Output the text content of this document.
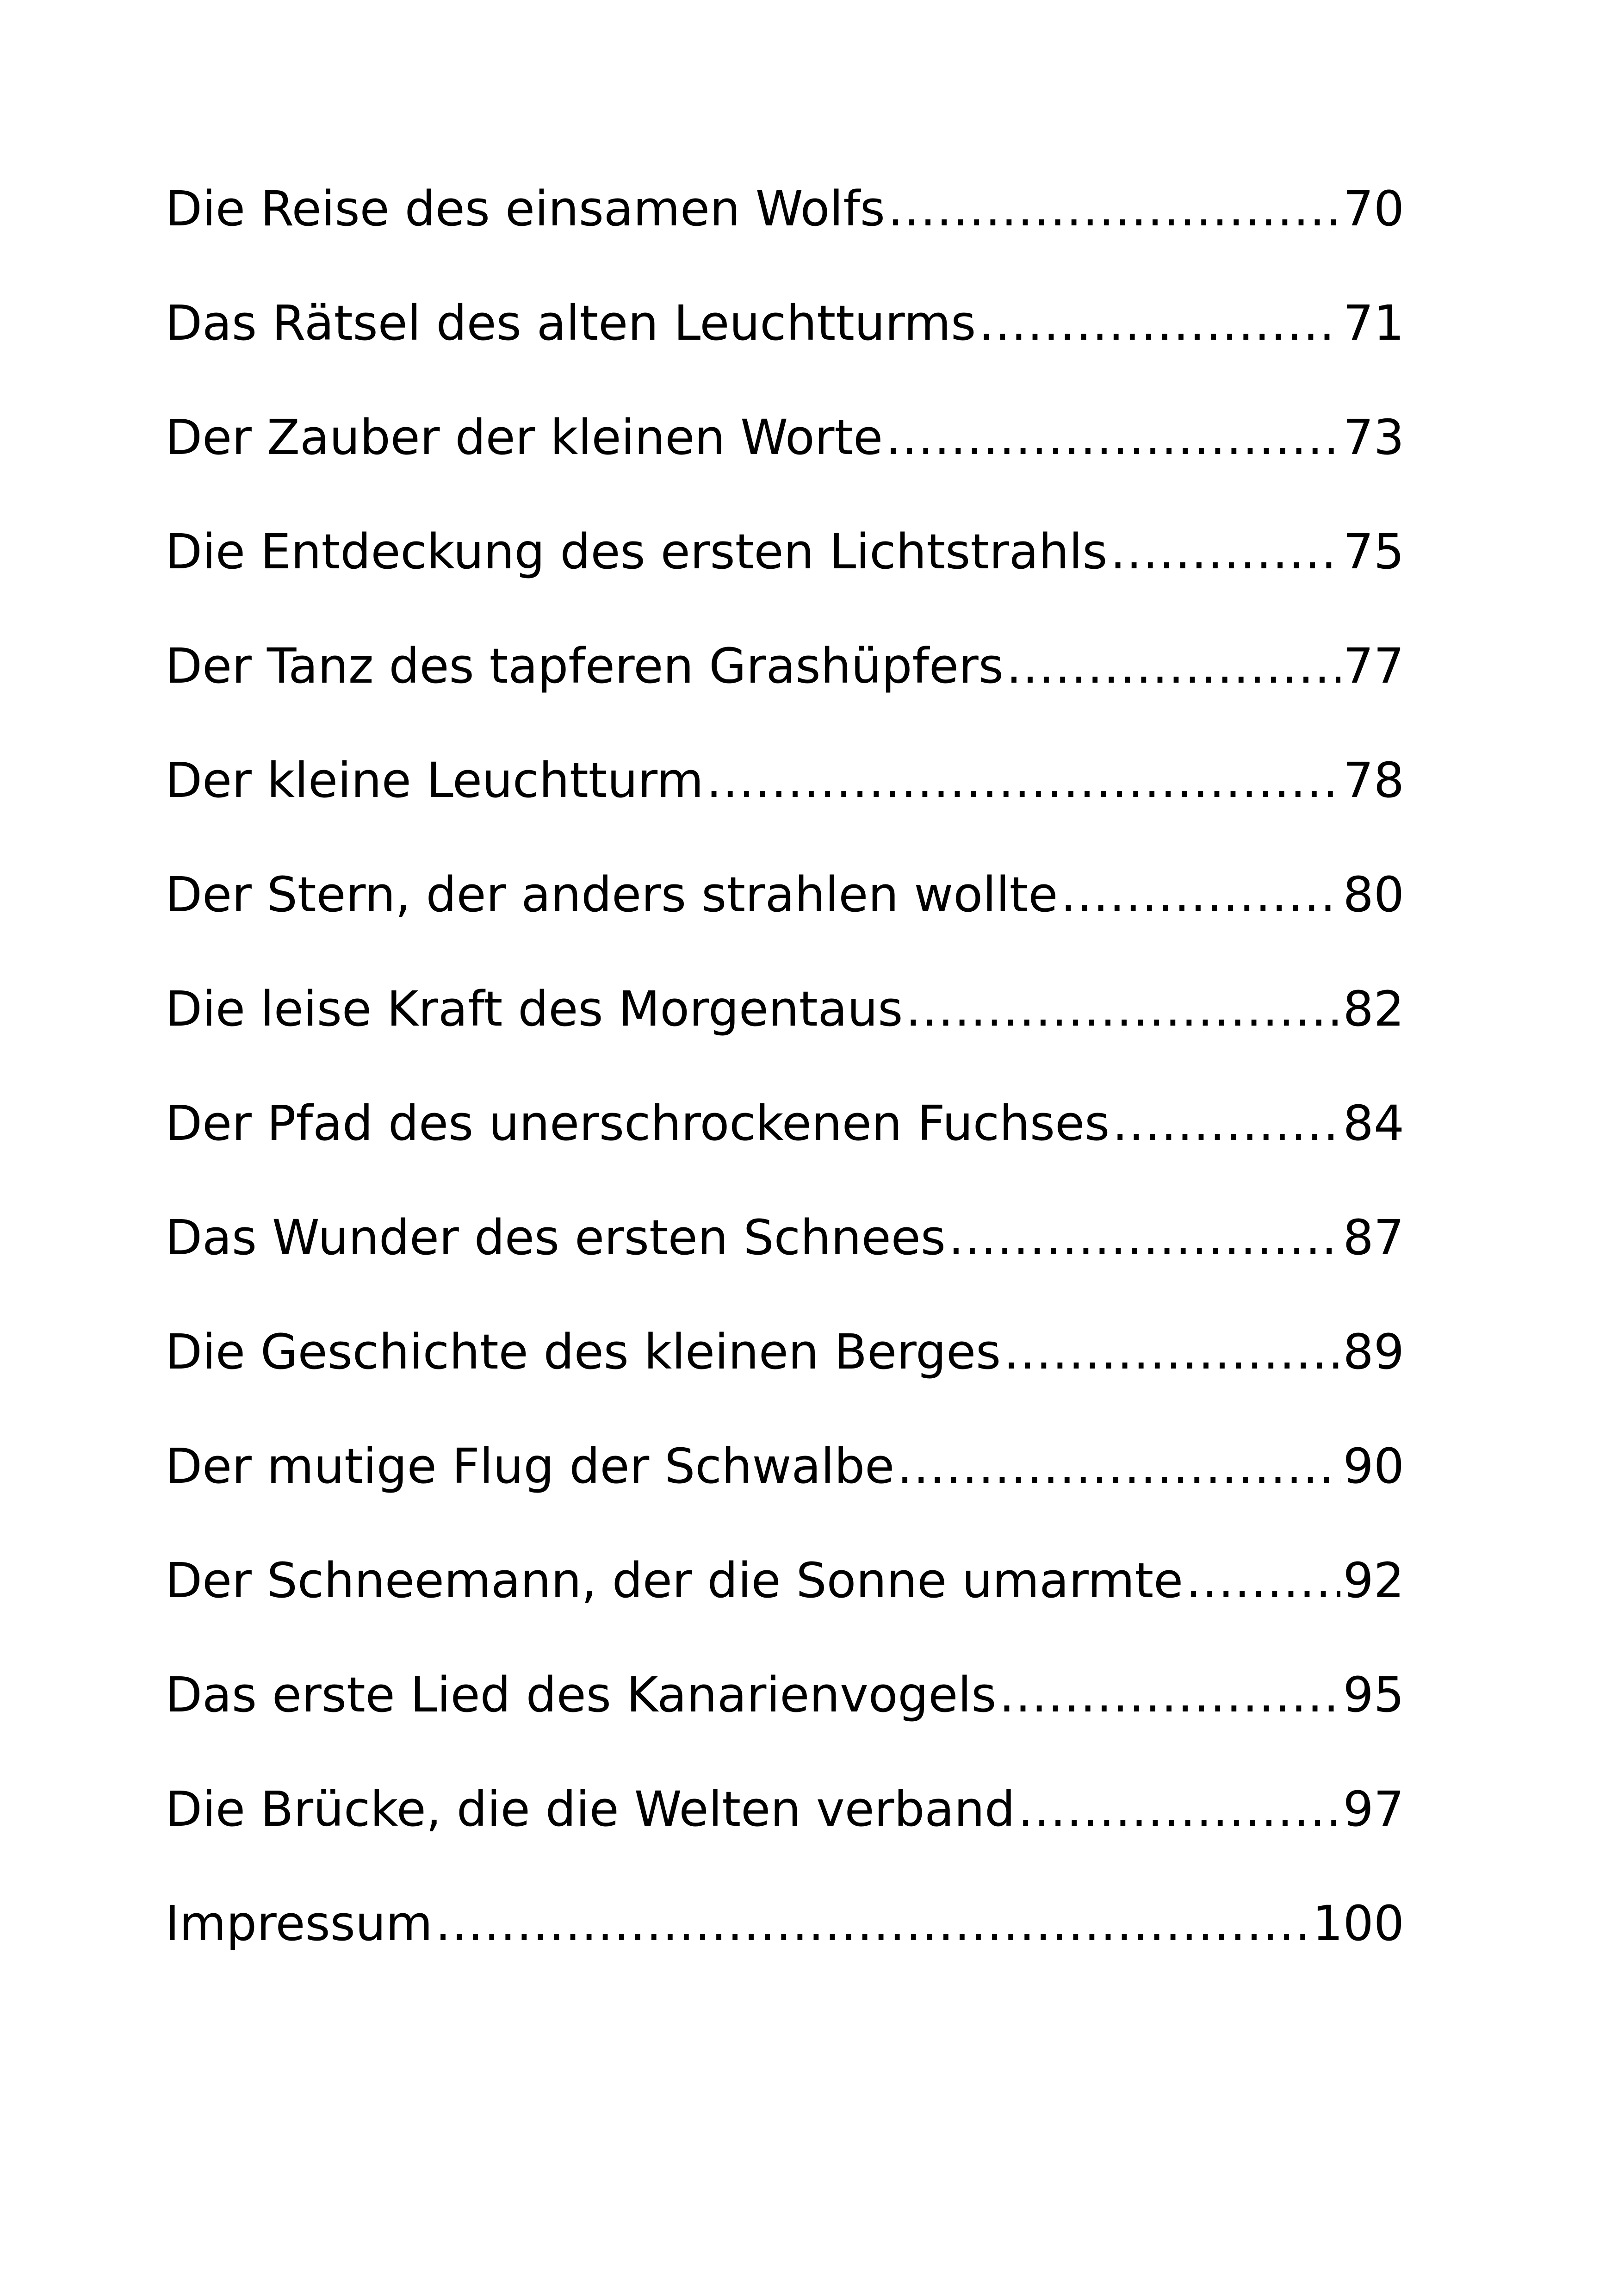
Die Reise des einsamen Wolfs .....	70
Das Rätsel des alten Leuchtturms .....	71
Der Zauber der kleinen Worte .....	73
Die Entdeckung des ersten Lichtstrahls .....	75
Der Tanz des tapferen Grashüpfers .....	77
Der kleine Leuchtturm .....	78
Der Stern, der anders strahlen wollte .....	80
Die leise Kraft des Morgentaus .....	82
Der Pfad des unerschrockenen Fuchses .....	84
Das Wunder des ersten Schnees .....	87
Die Geschichte des kleinen Berges .....	89
Der mutige Flug der Schwalbe .....	90
Der Schneemann, der die Sonne umarmte .....	92
Das erste Lied des Kanarienvogels .....	95
Die Brücke, die die Welten verband .....	97
Impressum .....	100
